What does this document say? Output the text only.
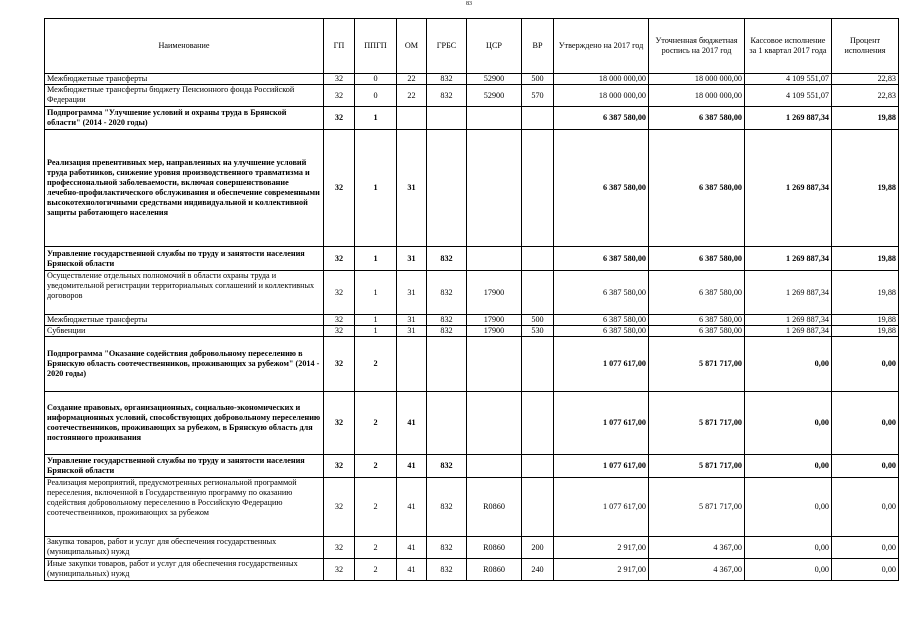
83
Наименование	ГП	ППГП	ОМ	ГРБС	ЦСР	ВР	Утверждено на 2017 год	Уточненная бюджетная роспись на 2017 год	Кассовое исполнение за 1 квартал 2017 года	Процент исполнения
Межбюджетные трансферты	32	0	22	832	52900	500	18 000 000,00	18 000 000,00	4 109 551,07	22,83
Межбюджетные трансферты бюджету Пенсионного фонда Российской Федерации	32	0	22	832	52900	570	18 000 000,00	18 000 000,00	4 109 551,07	22,83
Подпрограмма "Улучшение условий и охраны труда в Брянской области" (2014 - 2020 годы)	32	1					6 387 580,00	6 387 580,00	1 269 887,34	19,88
Реализация превентивных мер, направленных на улучшение условий труда работников, снижение уровня производственного травматизма и профессиональной заболеваемости, включая совершенствование лечебно-профилактического обслуживания и обеспечение современными высокотехнологичными средствами индивидуальной и коллективной защиты работающего населения	32	1	31				6 387 580,00	6 387 580,00	1 269 887,34	19,88
Управление государственной службы по труду и занятости населения Брянской области	32	1	31	832			6 387 580,00	6 387 580,00	1 269 887,34	19,88
Осуществление отдельных полномочий в области охраны труда и уведомительной регистрации территориальных соглашений и коллективных договоров	32	1	31	832	17900		6 387 580,00	6 387 580,00	1 269 887,34	19,88
Межбюджетные трансферты	32	1	31	832	17900	500	6 387 580,00	6 387 580,00	1 269 887,34	19,88
Субвенции	32	1	31	832	17900	530	6 387 580,00	6 387 580,00	1 269 887,34	19,88
Подпрограмма "Оказание содействия добровольному переселению в Брянскую область соотечественников, проживающих за рубежом" (2014 - 2020 годы)	32	2					1 077 617,00	5 871 717,00	0,00	0,00
Создание правовых, организационных, социально-экономических и информационных условий, способствующих добровольному переселению соотечественников, проживающих за рубежом, в Брянскую область для постоянного проживания	32	2	41				1 077 617,00	5 871 717,00	0,00	0,00
Управление государственной службы по труду и занятости населения Брянской области	32	2	41	832			1 077 617,00	5 871 717,00	0,00	0,00
Реализация мероприятий, предусмотренных региональной программой переселения, включенной в Государственную программу по оказанию содействия добровольному переселению в Российскую Федерацию соотечественников, проживающих за рубежом	32	2	41	832	R0860		1 077 617,00	5 871 717,00	0,00	0,00
Закупка товаров, работ и услуг для обеспечения государственных (муниципальных) нужд	32	2	41	832	R0860	200	2 917,00	4 367,00	0,00	0,00
Иные закупки товаров, работ и услуг для обеспечения государственных (муниципальных) нужд	32	2	41	832	R0860	240	2 917,00	4 367,00	0,00	0,00
